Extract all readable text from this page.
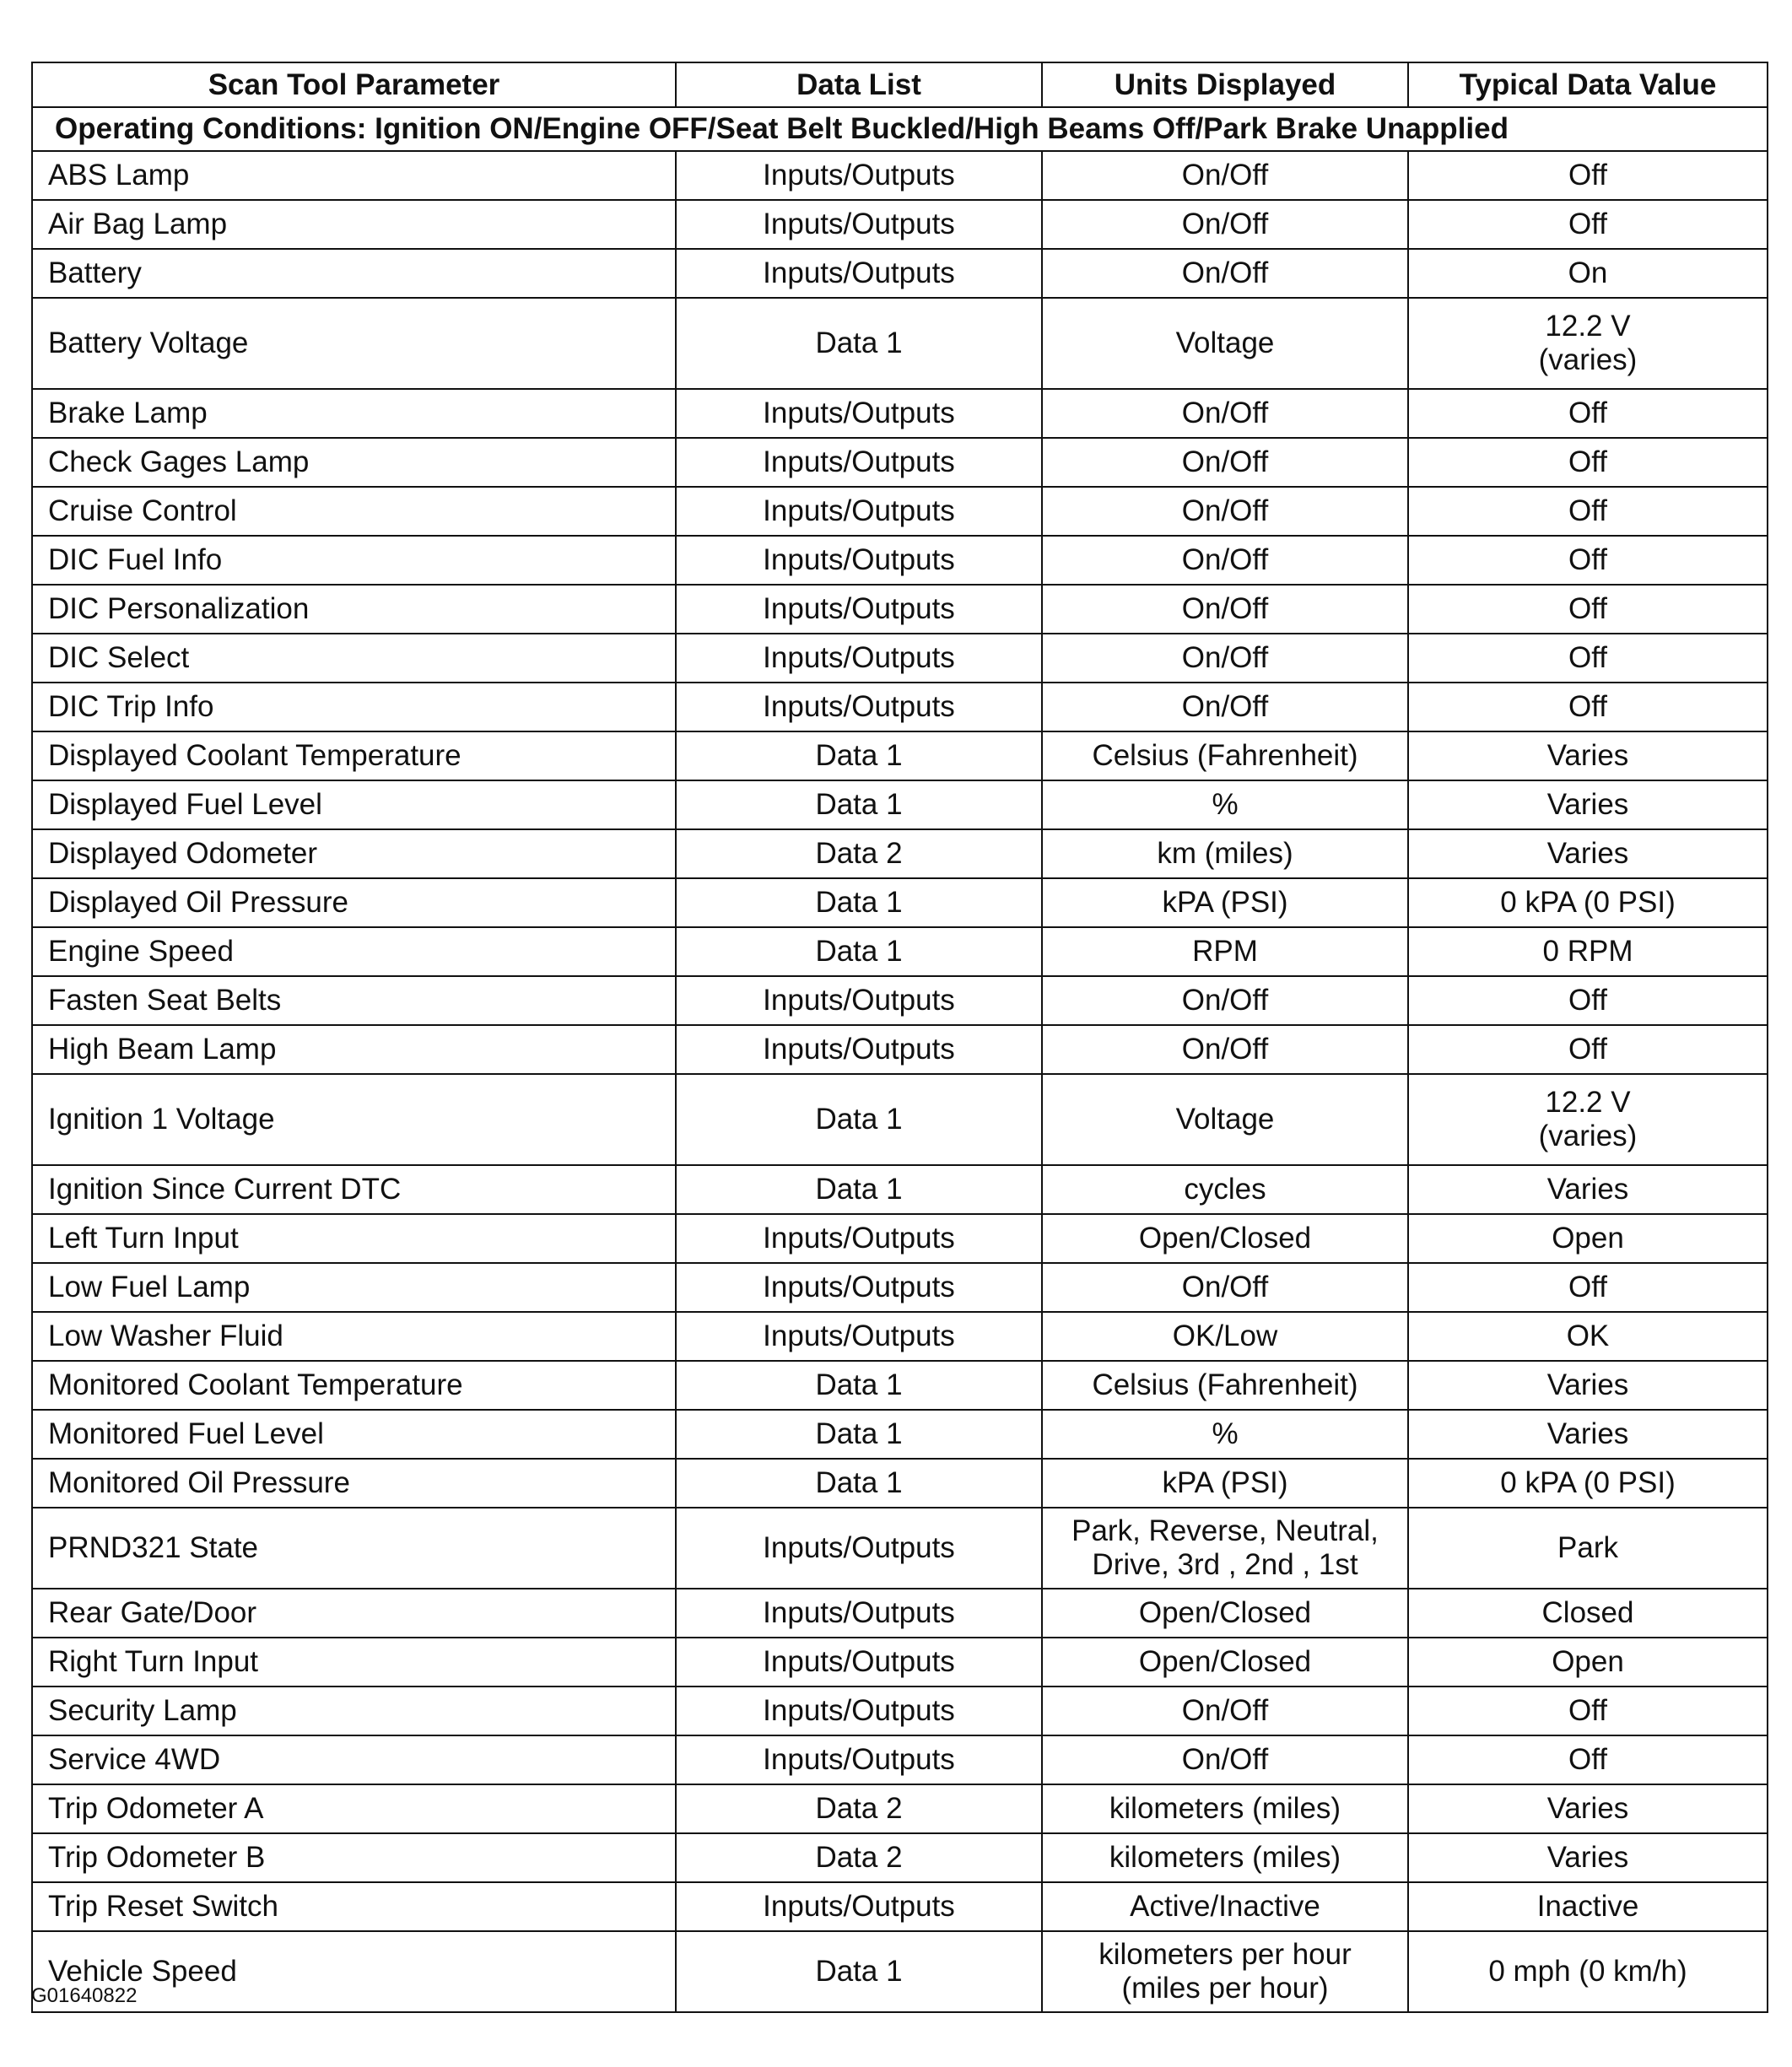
Scan Tool Parameter	Data List	Units Displayed	Typical Data Value
Operating Conditions: Ignition ON/Engine OFF/Seat Belt Buckled/High Beams Off/Park Brake Unapplied			
ABS Lamp	Inputs/Outputs	On/Off	Off

Air Bag Lamp	Inputs/Outputs	On/Off	Off

Battery	Inputs/Outputs	On/Off	On

Battery Voltage	Data 1	Voltage	12.2 V
(varies)

Brake Lamp	Inputs/Outputs	On/Off	Off

Check Gages Lamp	Inputs/Outputs	On/Off	Off

Cruise Control	Inputs/Outputs	On/Off	Off

DIC Fuel Info	Inputs/Outputs	On/Off	Off

DIC Personalization	Inputs/Outputs	On/Off	Off

DIC Select	Inputs/Outputs	On/Off	Off

DIC Trip Info	Inputs/Outputs	On/Off	Off

Displayed Coolant Temperature	Data 1	Celsius (Fahrenheit)	Varies

Displayed Fuel Level	Data 1	%	Varies

Displayed Odometer	Data 2	km (miles)	Varies

Displayed Oil Pressure	Data 1	kPA (PSI)	0 kPA (0 PSI)

Engine Speed	Data 1	RPM	0 RPM

Fasten Seat Belts	Inputs/Outputs	On/Off	Off

High Beam Lamp	Inputs/Outputs	On/Off	Off

Ignition 1 Voltage	Data 1	Voltage	12.2 V
(varies)

Ignition Since Current DTC	Data 1	cycles	Varies

Left Turn Input	Inputs/Outputs	Open/Closed	Open

Low Fuel Lamp	Inputs/Outputs	On/Off	Off

Low Washer Fluid	Inputs/Outputs	OK/Low	OK

Monitored Coolant Temperature	Data 1	Celsius (Fahrenheit)	Varies

Monitored Fuel Level	Data 1	%	Varies

Monitored Oil Pressure	Data 1	kPA (PSI)	0 kPA (0 PSI)

PRND321 State	Inputs/Outputs	Park, Reverse, Neutral,
Drive, 3rd , 2nd , 1st	Park

Rear Gate/Door	Inputs/Outputs	Open/Closed	Closed

Right Turn Input	Inputs/Outputs	Open/Closed	Open

Security Lamp	Inputs/Outputs	On/Off	Off

Service 4WD	Inputs/Outputs	On/Off	Off

Trip Odometer A	Data 2	kilometers (miles)	Varies

Trip Odometer B	Data 2	kilometers (miles)	Varies

Trip Reset Switch	Inputs/Outputs	Active/Inactive	Inactive

Vehicle Speed	Data 1	kilometers per hour
(miles per hour)	0 mph (0 km/h)
G01640822
